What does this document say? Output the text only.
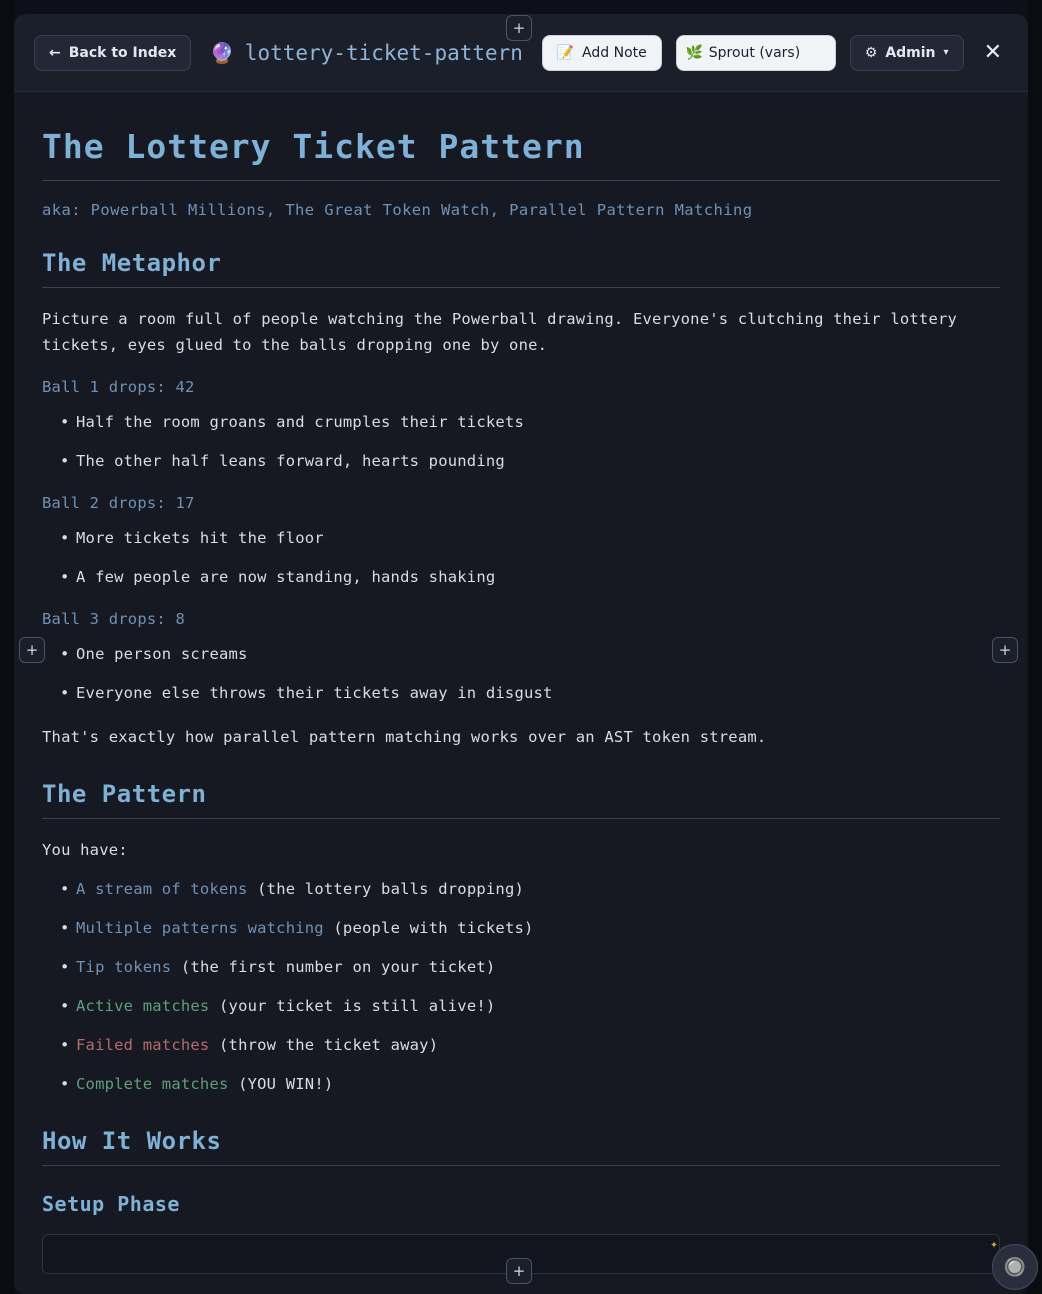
← Back to Index 🔮 lottery-ticket-pattern 📝 Add Note	🌿
Sprout (vars)	⚙ Admin ▾ ✕
The Lottery Ticket Pattern
aka: Powerball Millions, The Great Token Watch, Parallel Pattern Matching
The Metaphor

Picture a room full of people watching the Powerball drawing. Everyone's clutching their lottery tickets, eyes glued to the balls dropping one by one.

Ball 1 drops: 42
• Half the room groans and crumples their tickets
• The other half leans forward, hearts pounding
Ball 2 drops: 17
• More tickets hit the floor
• A few people are now standing, hands shaking
Ball 3 drops: 8
• One person screams
• Everyone else throws their tickets away in disgust

That's exactly how parallel pattern matching works over an AST token stream.

The Pattern

You have:

• A stream of tokens (the lottery balls dropping)
• Multiple patterns watching (people with tickets)
• Tip tokens (the first number on your ticket)
• Active matches (your ticket is still alive!)
• Failed matches (throw the ticket away)
• Complete matches (YOU WIN!)
How It Works
Setup Phase
+
+	+
+
✦
🔘
